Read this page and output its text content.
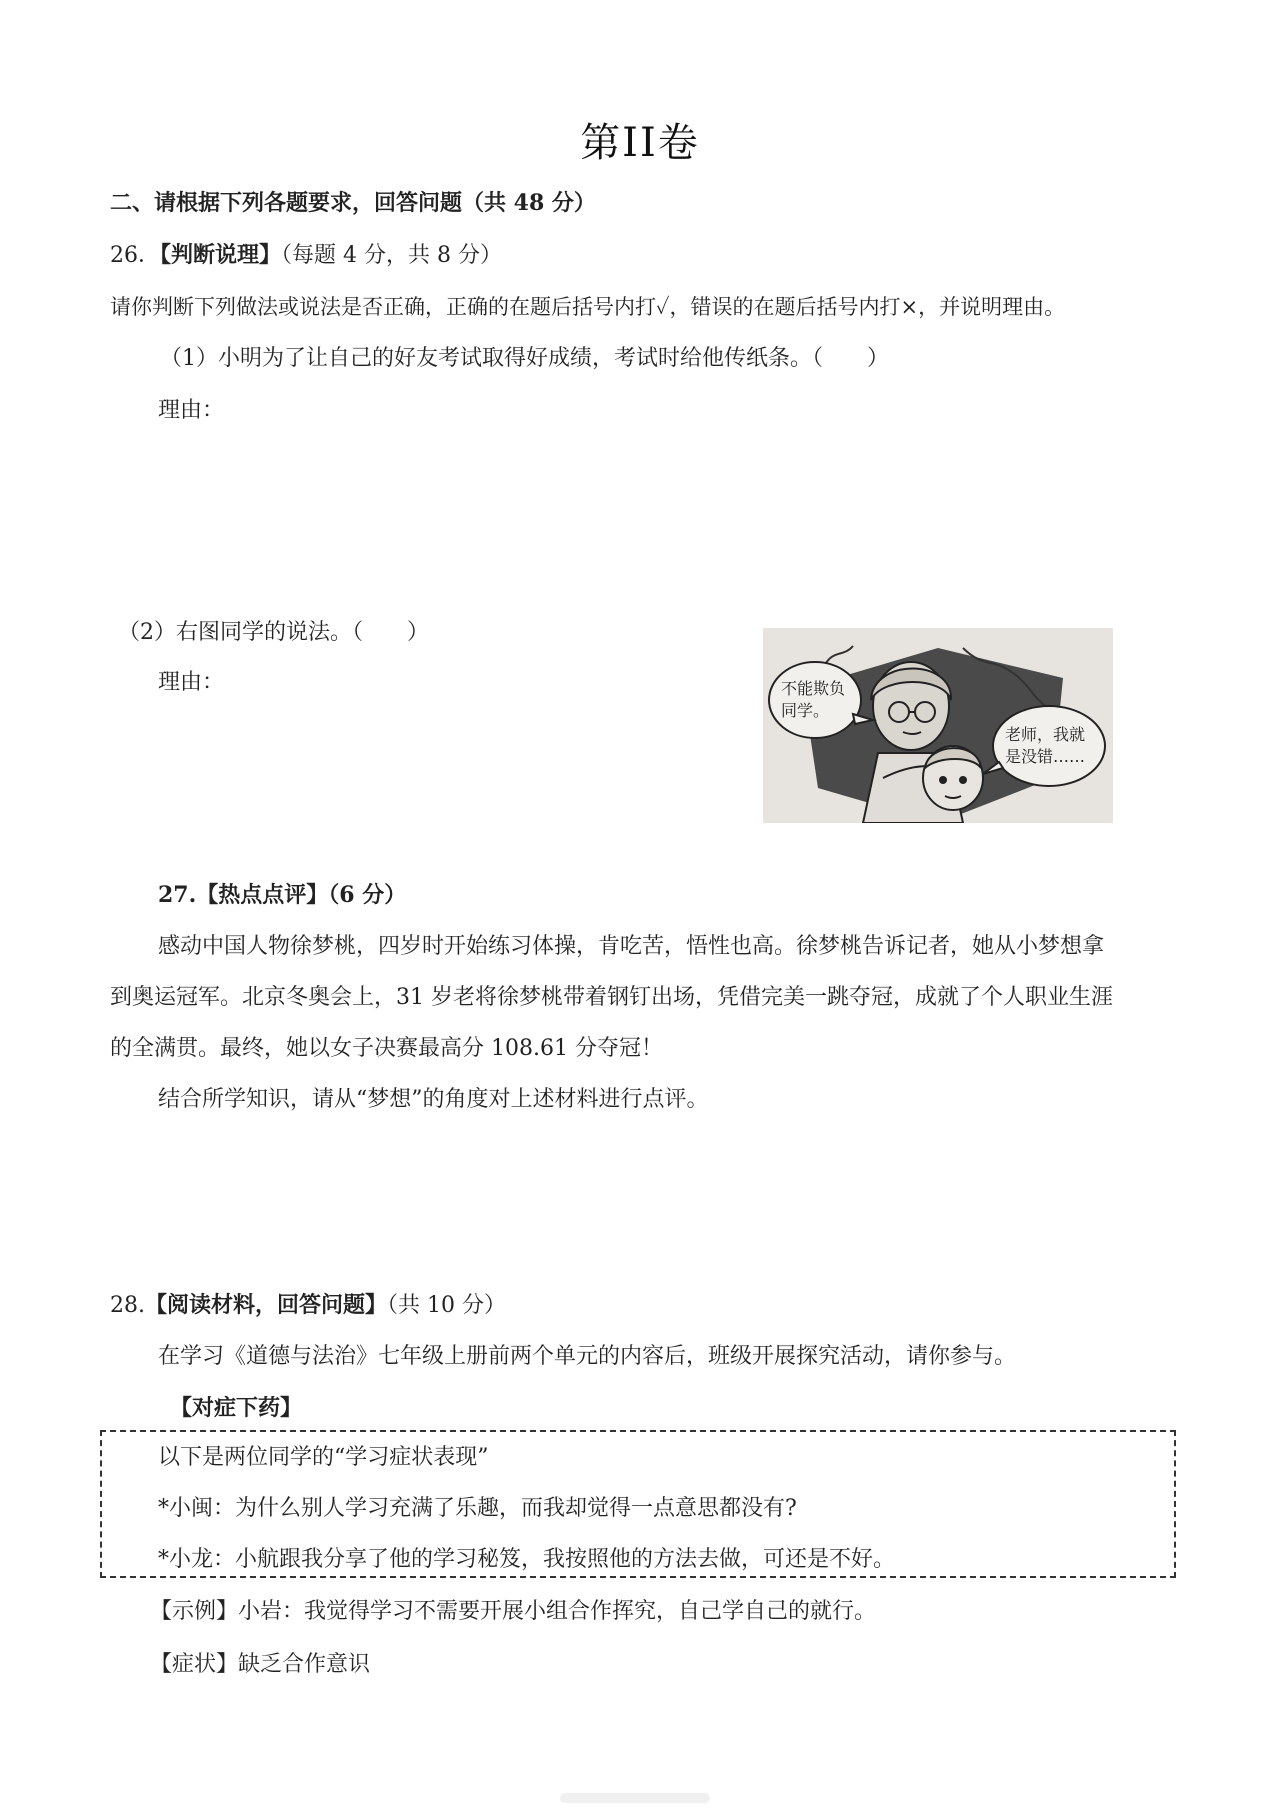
第II卷
二、请根据下列各题要求，回答问题（共 48 分）
26．【判断说理】（每题 4 分，共 8 分）
请你判断下列做法或说法是否正确，正确的在题后括号内打✓，错误的在题后括号内打×，并说明理由。
（1）小明为了让自己的好友考试取得好成绩，考试时给他传纸条。（　　）
理由：
（2）右图同学的说法。（　　）
理由：	不能欺负
同学。
老师，我就
是没错……
27.【热点点评】（6 分）
感动中国人物徐梦桃，四岁时开始练习体操，肯吃苦，悟性也高。徐梦桃告诉记者，她从小梦想拿
到奥运冠军。北京冬奥会上，31 岁老将徐梦桃带着钢钉出场，凭借完美一跳夺冠，成就了个人职业生涯
的全满贯。最终，她以女子决赛最高分 108.61 分夺冠！
结合所学知识，请从“梦想”的角度对上述材料进行点评。
28.【阅读材料，回答问题】（共 10 分）
在学习《道德与法治》七年级上册前两个单元的内容后，班级开展探究活动，请你参与。
【对症下药】
以下是两位同学的“学习症状表现”
*小闽：为什么别人学习充满了乐趣，而我却觉得一点意思都没有?
*小龙：小航跟我分享了他的学习秘笈，我按照他的方法去做，可还是不好。
【示例】小岩：我觉得学习不需要开展小组合作挥究，自己学自己的就行。
【症状】缺乏合作意识
